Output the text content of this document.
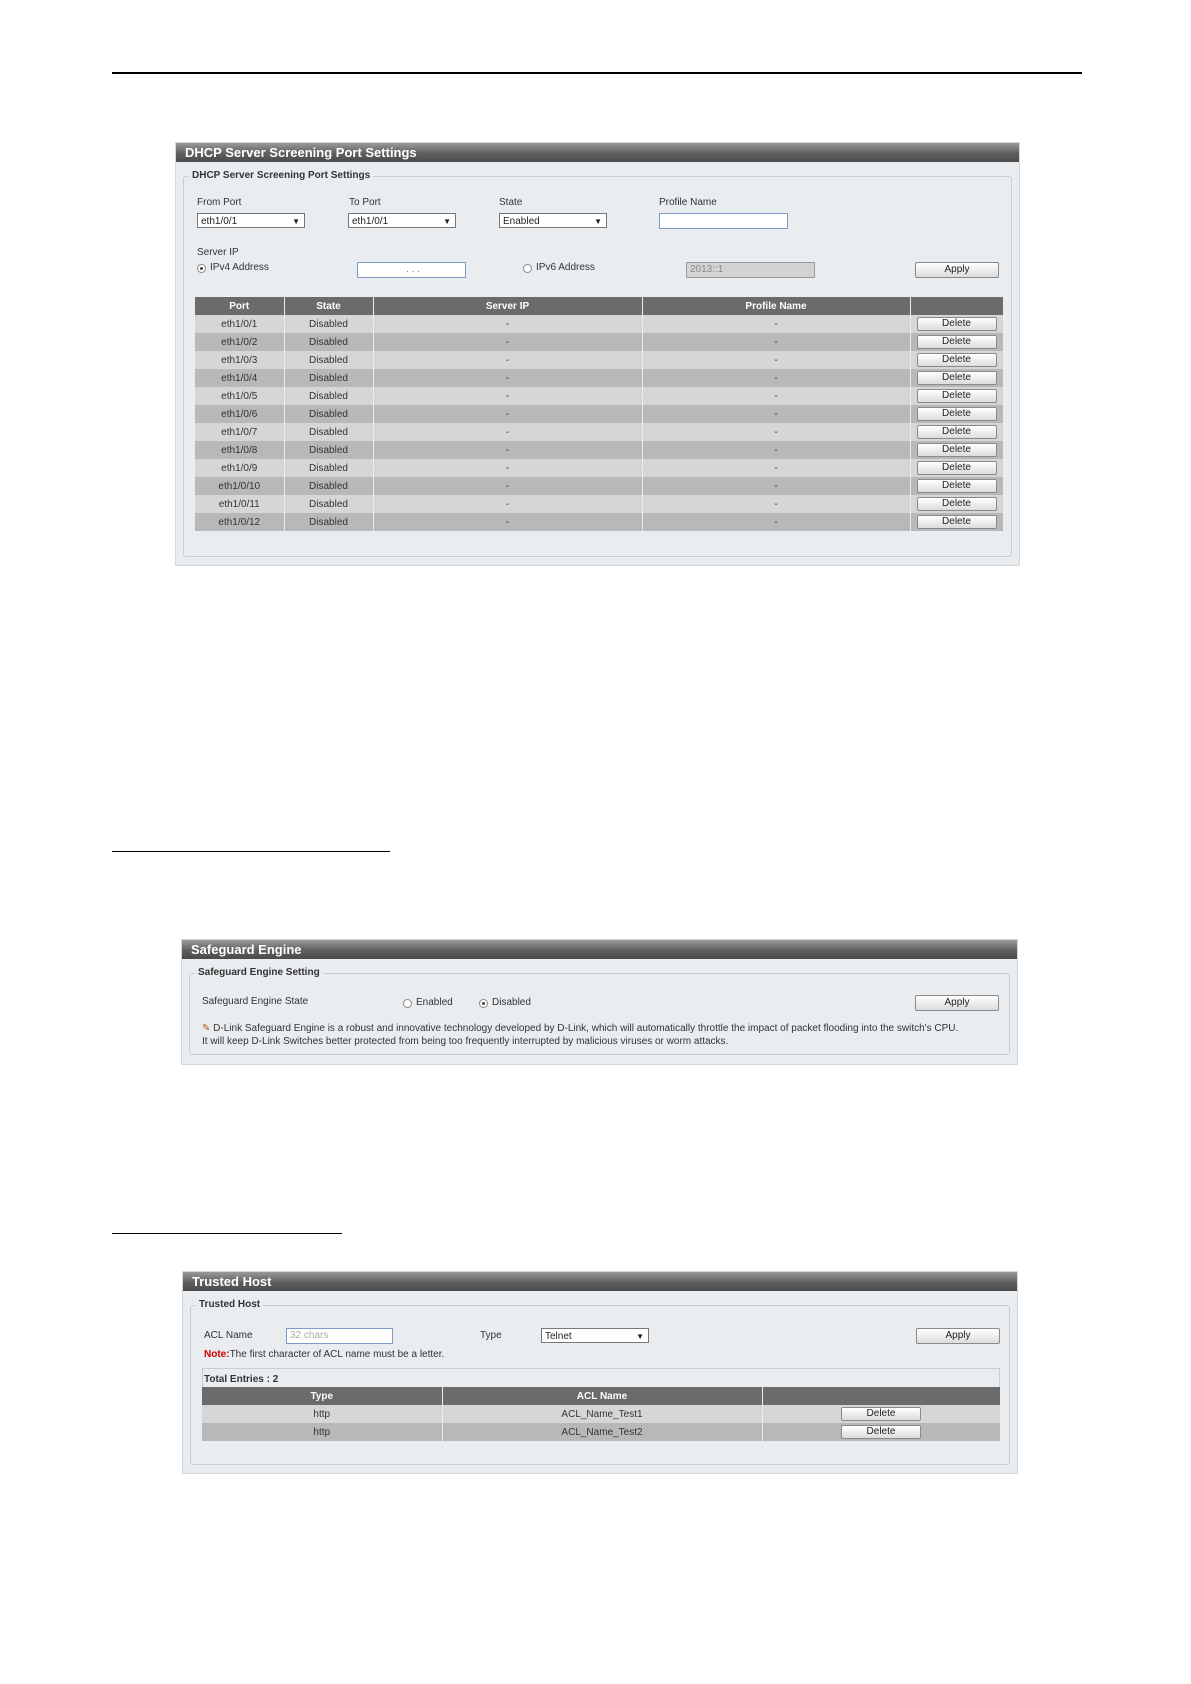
DHCP Server Screening Port Settings
DHCP Server Screening Port Settings
From Port
eth1/0/1	▼
To Port
eth1/0/1	▼
State
Enabled	▼
Profile Name
Server IP
IPv4 Address	. . .	IPv6 Address	2013::1	Apply
Port	State	Server IP	Profile Name	
eth1/0/1	Disabled	-	-	Delete
eth1/0/2	Disabled	-	-	Delete
eth1/0/3	Disabled	-	-	Delete
eth1/0/4	Disabled	-	-	Delete
eth1/0/5	Disabled	-	-	Delete
eth1/0/6	Disabled	-	-	Delete
eth1/0/7	Disabled	-	-	Delete
eth1/0/8	Disabled	-	-	Delete
eth1/0/9	Disabled	-	-	Delete
eth1/0/10	Disabled	-	-	Delete
eth1/0/11	Disabled	-	-	Delete
eth1/0/12	Disabled	-	-	Delete
Safeguard Engine
Safeguard Engine Setting
Safeguard Engine State	Enabled	Disabled	Apply
✎ D-Link Safeguard Engine is a robust and innovative technology developed by D-Link, which will automatically throttle the impact of packet flooding into the switch's CPU.
It will keep D-Link Switches better protected from being too frequently interrupted by malicious viruses or worm attacks.
Trusted Host
Trusted Host
ACL Name	32 chars	Type	Telnet	▼	Apply
Note:The first character of ACL name must be a letter.
Total Entries : 2
Type	ACL Name	
http	ACL_Name_Test1	Delete
http	ACL_Name_Test2	Delete
